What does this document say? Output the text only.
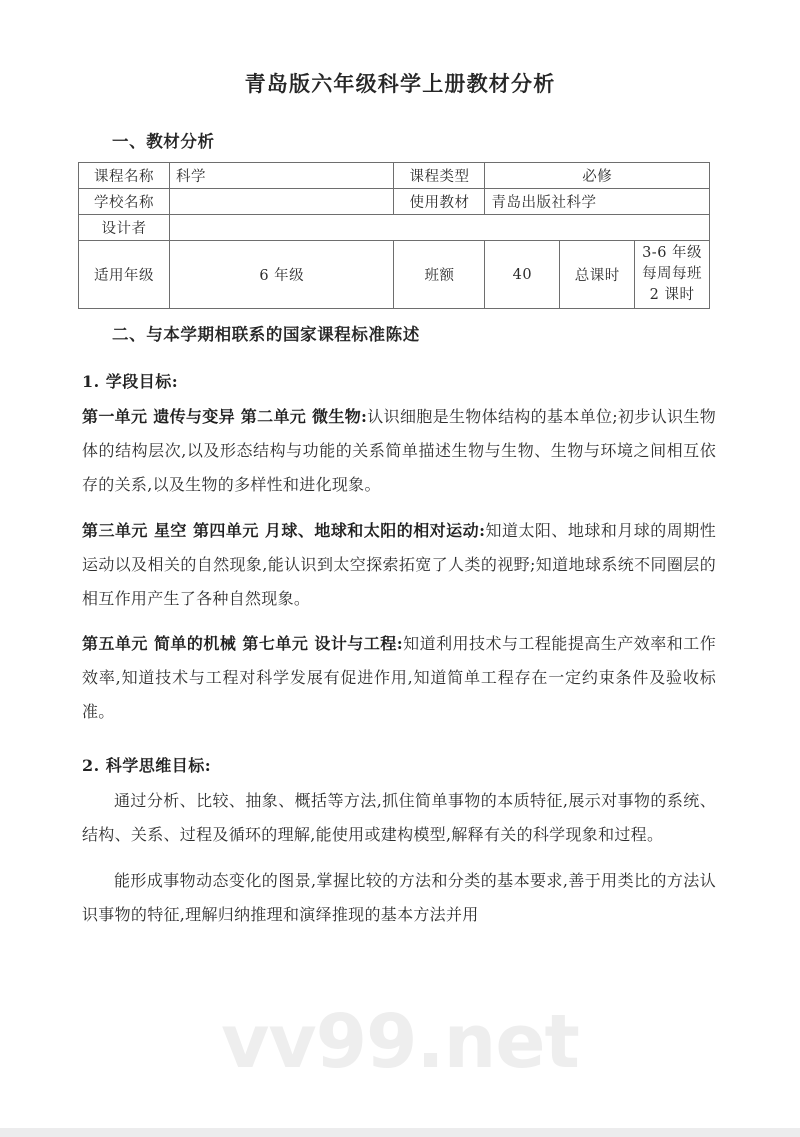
vv99.net
青岛版六年级科学上册教材分析
一、教材分析
课程名称	科学	课程类型	必修		
学校名称		使用教材	青岛出版社科学		
设计者					
适用年级	6 年级	班额	40	总课时	3-6 年级每周每班 2 课时
二、与本学期相联系的国家课程标准陈述

1. 学段目标:

第一单元 遗传与变异 第二单元 微生物:认识细胞是生物体结构的基本单位;初步认识生物体的结构层次,以及形态结构与功能的关系简单描述生物与生物、生物与环境之间相互依存的关系,以及生物的多样性和进化现象。

第三单元 星空 第四单元 月球、地球和太阳的相对运动:知道太阳、地球和月球的周期性运动以及相关的自然现象,能认识到太空探索拓宽了人类的视野;知道地球系统不同圈层的相互作用产生了各种自然现象。

第五单元 简单的机械 第七单元 设计与工程:知道利用技术与工程能提高生产效率和工作效率,知道技术与工程对科学发展有促进作用,知道简单工程存在一定约束条件及验收标准。

2. 科学思维目标:

通过分析、比较、抽象、概括等方法,抓住简单事物的本质特征,展示对事物的系统、结构、关系、过程及循环的理解,能使用或建构模型,解释有关的科学现象和过程。

能形成事物动态变化的图景,掌握比较的方法和分类的基本要求,善于用类比的方法认识事物的特征,理解归纳推理和演绎推现的基本方法并用
